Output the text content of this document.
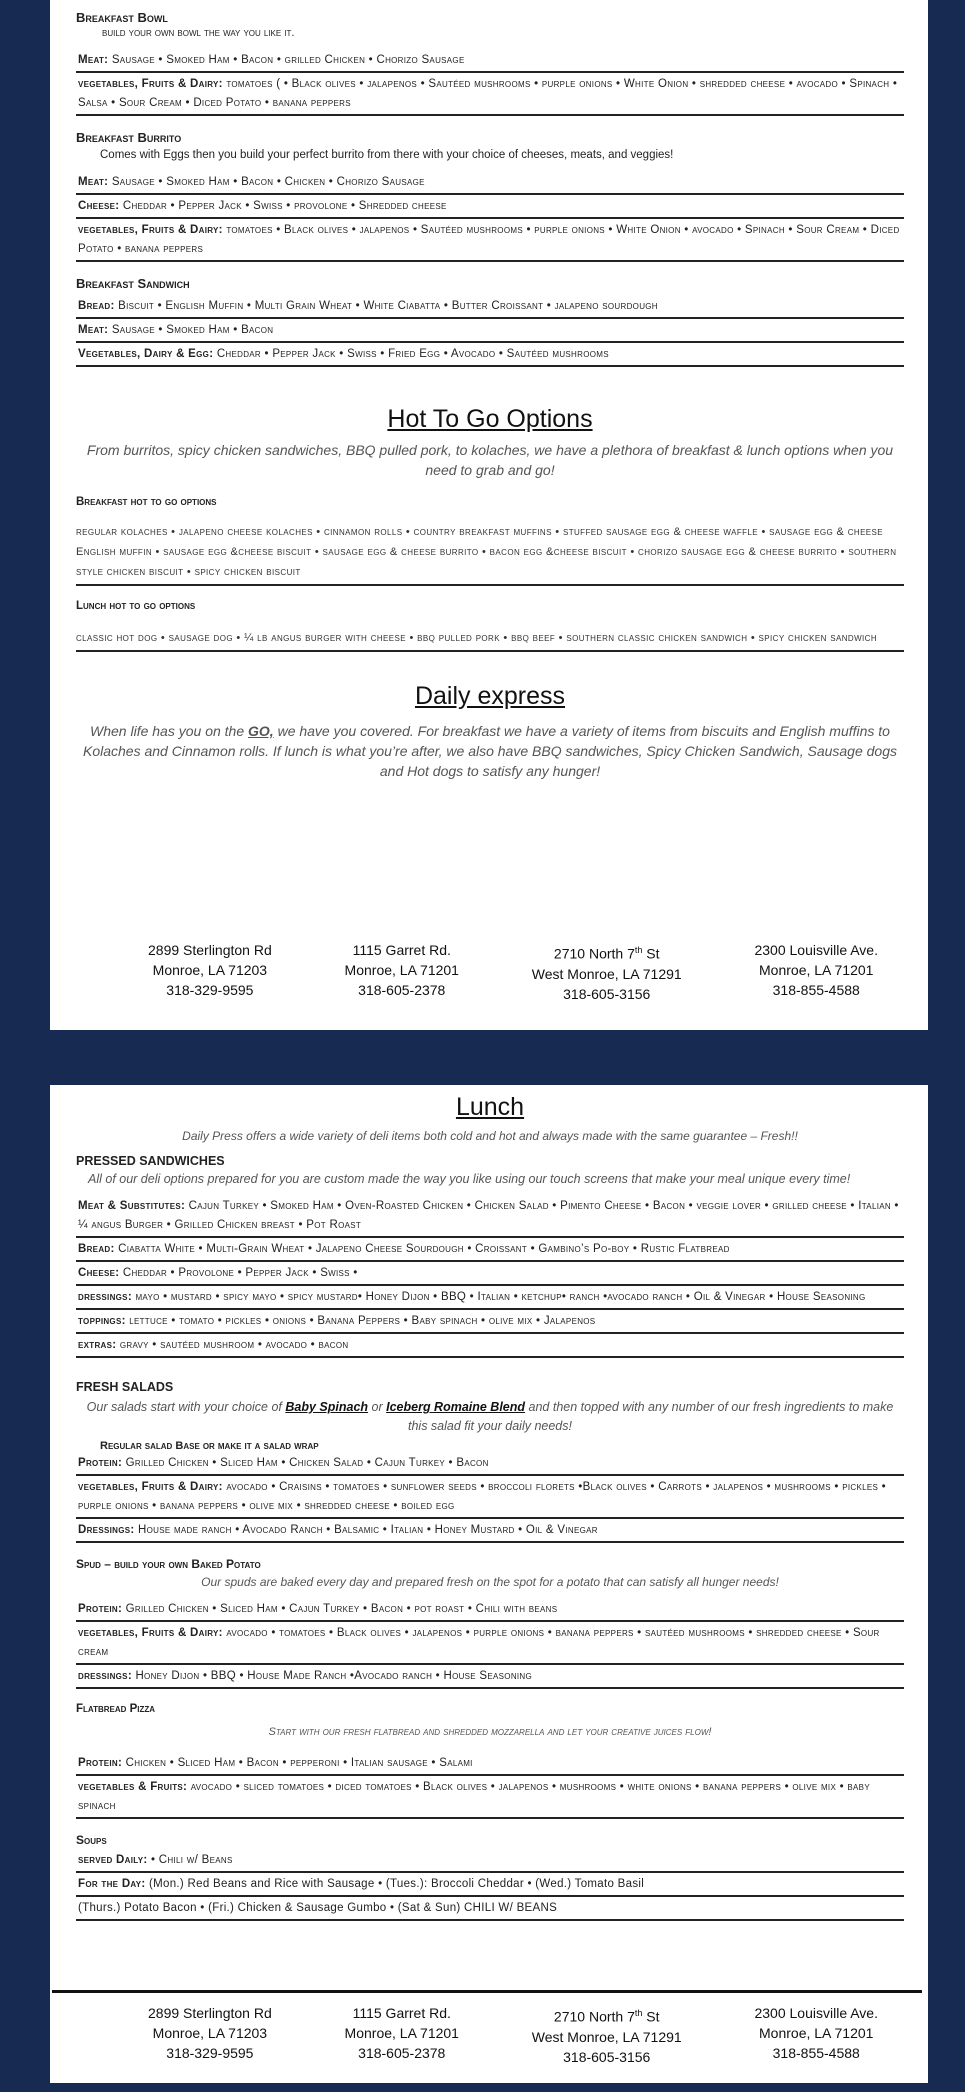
Breakfast Bowl

build your own bowl the way you like it.

Meat: Sausage • Smoked Ham • Bacon • grilled Chicken • Chorizo Sausage
vegetables, Fruits & Dairy: tomatoes ( • Black olives • jalapenos • Sautéed mushrooms • purple onions • White Onion • shredded cheese • avocado • Spinach • Salsa • Sour Cream • Diced Potato • banana peppers

Breakfast Burrito

Comes with Eggs then you build your perfect burrito from there with your choice of cheeses, meats, and veggies!

Meat: Sausage • Smoked Ham • Bacon • Chicken • Chorizo Sausage
Cheese: Cheddar • Pepper Jack • Swiss • provolone • Shredded cheese
vegetables, Fruits & Dairy: tomatoes • Black olives • jalapenos • Sautéed mushrooms • purple onions • White Onion • avocado • Spinach • Sour Cream • Diced Potato • banana peppers

Breakfast Sandwich

Bread: Biscuit • English Muffin • Multi Grain Wheat • White Ciabatta • Butter Croissant • jalapeno sourdough
Meat: Sausage • Smoked Ham • Bacon
Vegetables, Dairy & Egg: Cheddar • Pepper Jack • Swiss • Fried Egg • Avocado • Sautéed mushrooms
Hot To Go Options

From burritos, spicy chicken sandwiches, BBQ pulled pork, to kolaches, we have a plethora of breakfast & lunch options when you need to grab and go!

Breakfast hot to go options

regular kolaches • jalapeno cheese kolaches • cinnamon rolls • country breakfast muffins • stuffed sausage egg & cheese waffle • sausage egg & cheese English muffin • sausage egg &cheese biscuit • sausage egg & cheese burrito • bacon egg &cheese biscuit • chorizo sausage egg & cheese burrito • southern style chicken biscuit • spicy chicken biscuit

Lunch hot to go options

classic hot dog • sausage dog • ¼ lb angus burger with cheese • bbq pulled pork • bbq beef • southern classic chicken sandwich • spicy chicken sandwich
Daily express

When life has you on the GO, we have you covered. For breakfast we have a variety of items from biscuits and English muffins to Kolaches and Cinnamon rolls. If lunch is what you’re after, we also have BBQ sandwiches, Spicy Chicken Sandwich, Sausage dogs and Hot dogs to satisfy any hunger!

2899 Sterlington Rd
Monroe, LA 71203
318-329-9595
1115 Garret Rd.
Monroe, LA 71201
318-605-2378
2710 North 7th St
West Monroe, LA 71291
318-605-3156
2300 Louisville Ave.
Monroe, LA 71201
318-855-4588
Lunch

Daily Press offers a wide variety of deli items both cold and hot and always made with the same guarantee – Fresh!!

PRESSED SANDWICHES

All of our deli options prepared for you are custom made the way you like using our touch screens that make your meal unique every time!

Meat & Substitutes: Cajun Turkey • Smoked Ham • Oven-Roasted Chicken • Chicken Salad • Pimento Cheese • Bacon • veggie lover • grilled cheese • Italian • ¼ angus Burger • Grilled Chicken breast • Pot Roast
Bread: Ciabatta White • Multi-Grain Wheat • Jalapeno Cheese Sourdough • Croissant • Gambino’s Po-boy • Rustic Flatbread
Cheese: Cheddar • Provolone • Pepper Jack • Swiss •
dressings: mayo • mustard • spicy mayo • spicy mustard• Honey Dijon • BBQ • Italian • ketchup• ranch •avocado ranch • Oil & Vinegar • House Seasoning
toppings: lettuce • tomato • pickles • onions • Banana Peppers • Baby spinach • olive mix • Jalapenos
extras: gravy • sautéed mushroom • avocado • bacon

FRESH SALADS

Our salads start with your choice of Baby Spinach or Iceberg Romaine Blend and then topped with any number of our fresh ingredients to make this salad fit your daily needs!

Regular salad Base or make it a salad wrap

Protein: Grilled Chicken • Sliced Ham • Chicken Salad • Cajun Turkey • Bacon
vegetables, Fruits & Dairy: avocado • Craisins • tomatoes • sunflower seeds • broccoli florets •Black olives • Carrots • jalapenos • mushrooms • pickles • purple onions • banana peppers • olive mix • shredded cheese • boiled egg
Dressings: House made ranch • Avocado Ranch • Balsamic • Italian • Honey Mustard • Oil & Vinegar

Spud – build your own Baked Potato

Our spuds are baked every day and prepared fresh on the spot for a potato that can satisfy all hunger needs!

Protein: Grilled Chicken • Sliced Ham • Cajun Turkey • Bacon • pot roast • Chili with beans
vegetables, Fruits & Dairy: avocado • tomatoes • Black olives • jalapenos • purple onions • banana peppers • sautéed mushrooms • shredded cheese • Sour cream
dressings: Honey Dijon • BBQ • House Made Ranch •Avocado ranch • House Seasoning

Flatbread Pizza

Start with our fresh flatbread and shredded mozzarella and let your creative juices flow!

Protein: Chicken • Sliced Ham • Bacon • pepperoni • Italian sausage • Salami
vegetables & Fruits: avocado • sliced tomatoes • diced tomatoes • Black olives • jalapenos • mushrooms • white onions • banana peppers • olive mix • baby spinach

Soups

served Daily: • Chili w/ Beans
For the Day: (Mon.) Red Beans and Rice with Sausage • (Tues.): Broccoli Cheddar • (Wed.) Tomato Basil
(Thurs.) Potato Bacon • (Fri.) Chicken & Sausage Gumbo • (Sat & Sun) CHILI W/ BEANS
2899 Sterlington Rd
Monroe, LA 71203
318-329-9595
1115 Garret Rd.
Monroe, LA 71201
318-605-2378
2710 North 7th St
West Monroe, LA 71291
318-605-3156
2300 Louisville Ave.
Monroe, LA 71201
318-855-4588
